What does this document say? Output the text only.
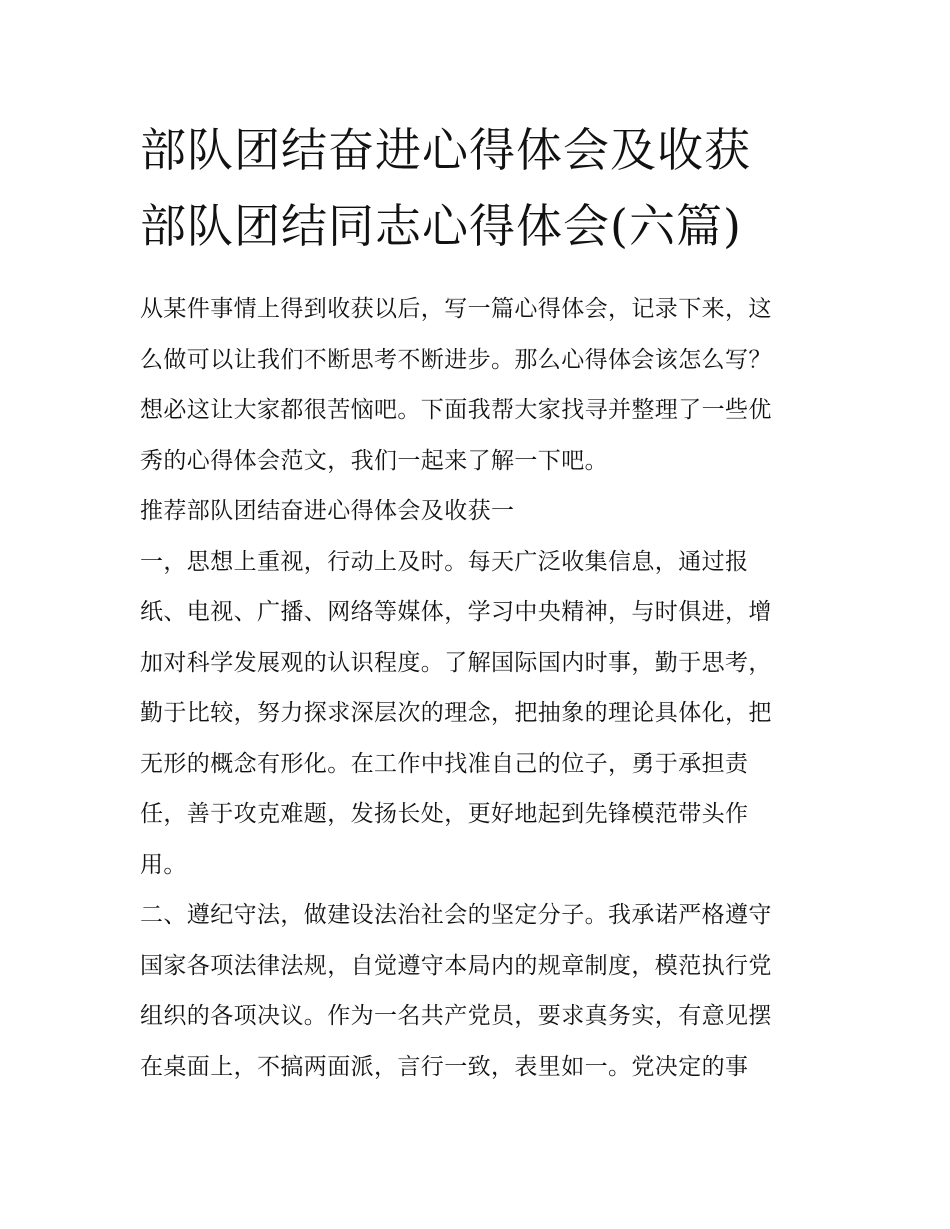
部队团结奋进心得体会及收获
部队团结同志心得体会(六篇)

从某件事情上得到收获以后，写一篇心得体会，记录下来，这
么做可以让我们不断思考不断进步。那么心得体会该怎么写？
想必这让大家都很苦恼吧。下面我帮大家找寻并整理了一些优
秀的心得体会范文，我们一起来了解一下吧。

推荐部队团结奋进心得体会及收获一

一，思想上重视，行动上及时。每天广泛收集信息，通过报
纸、电视、广播、网络等媒体，学习中央精神，与时俱进，增
加对科学发展观的认识程度。了解国际国内时事，勤于思考，
勤于比较，努力探求深层次的理念，把抽象的理论具体化，把
无形的概念有形化。在工作中找准自己的位子，勇于承担责
任，善于攻克难题，发扬长处，更好地起到先锋模范带头作
用。

二、遵纪守法，做建设法治社会的坚定分子。我承诺严格遵守
国家各项法律法规，自觉遵守本局内的规章制度，模范执行党
组织的各项决议。作为一名共产党员，要求真务实，有意见摆
在桌面上，不搞两面派，言行一致，表里如一。党决定的事
